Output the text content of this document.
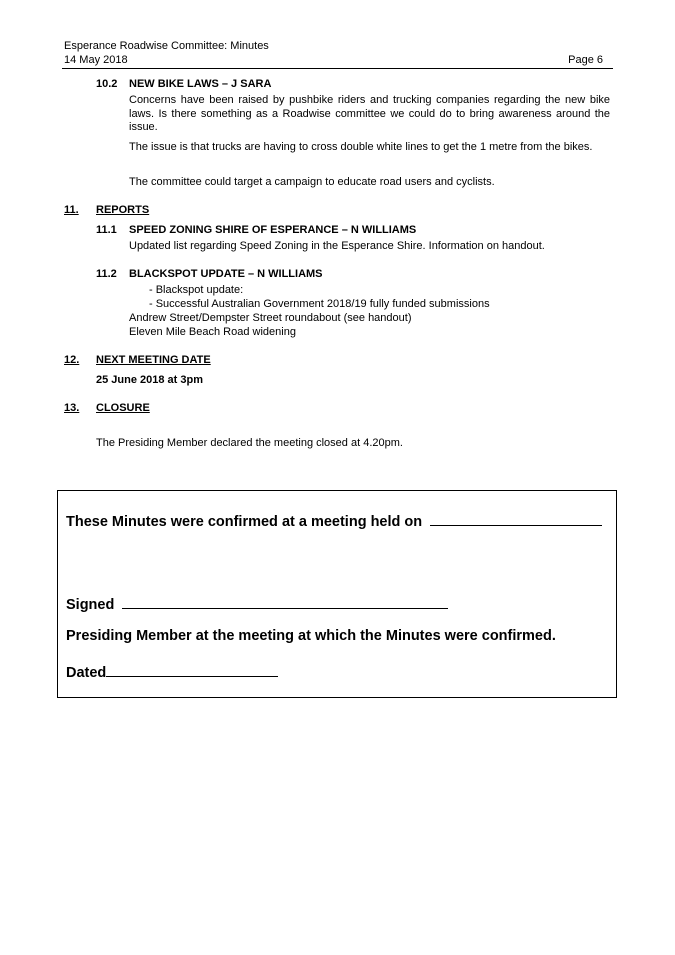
Esperance Roadwise Committee: Minutes
14 May 2018	Page 6
10.2 NEW BIKE LAWS – J SARA

Concerns have been raised by pushbike riders and trucking companies regarding the new bike laws. Is there something as a Roadwise committee we could do to bring awareness around the issue.

The issue is that trucks are having to cross double white lines to get the 1 metre from the bikes.

The committee could target a campaign to educate road users and cyclists.

11. REPORTS
11.1 SPEED ZONING SHIRE OF ESPERANCE – N WILLIAMS
Updated list regarding Speed Zoning in the Esperance Shire. Information on handout.
11.2 BLACKSPOT UPDATE – N WILLIAMS
- Blackspot update:
- Successful Australian Government 2018/19 fully funded submissions
Andrew Street/Dempster Street roundabout (see handout)
Eleven Mile Beach Road widening
12. NEXT MEETING DATE
25 June 2018 at 3pm
13. CLOSURE
The Presiding Member declared the meeting closed at 4.20pm.
These Minutes were confirmed at a meeting held on
Signed
Presiding Member at the meeting at which the Minutes were confirmed.
Dated
